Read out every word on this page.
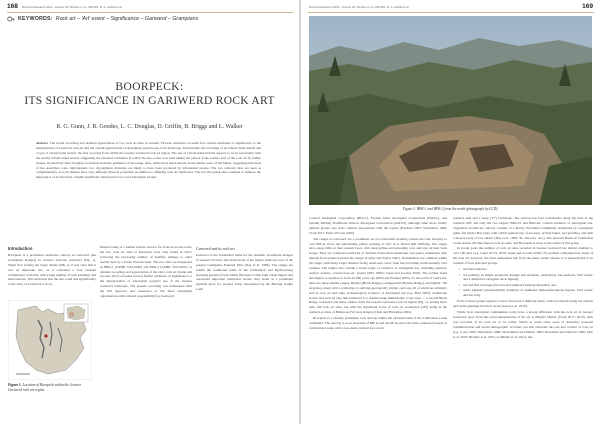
168 Rock Art Research 2022 - Volume 39, Number 2, pp. 168-181. R. G. GUNN et al.
KEYWORDS: Rock art – 'Art' event – Significance – Gariwerd – Grampians
BOORPECK:
ITS SIGNIFICANCE IN GARIWERD ROCK ART
R. G. Gunn, J. R. Goodes, L. C. Douglas, D. Griffin, B. Briggs and L. Walker
Abstract. The recent recording and detailed appreciation of two rock art sites in western Victoria, Australia, revealed five curious attributes of significance to the interpretation of Gariwerd rock art and the overall appreciation of Aboriginal people's use of its landscape. In particular, the recording of an infant's hand stencil and a type of variant hand stencil, the first recorded from within the Greater Gariwerd rock art region. The use of variant hand stencils appears to be in association with the nearby infant's hand stencil, suggesting the elevated catchment in which the site occurs was used during the period of the earliest part of the rock art by family groups, in relatively short foraging excursions from the perimeter of the range. Also, while most hand stencils in the shelter were of left hands, suggesting that most of the stencillers were right-handed, two dry-pigment drawings are likely to have been produced by left-handed people. The two adjacent sites are seen as complementary, as both shelters have very different physical properties in addition to differing rock art repertoires. The two Boorpeck sites continue to enhance the importance of Gariwerd as a highly significant cultural place for local Aboriginal people.
Introduction

Boorpeck is a prominent sandstone outcrop in Gariwerd (the Grampians Ranges) in western Victoria, Australia (Fig. 1). When first visiting the larger shelter (BK-1), it was clear that it was an important site, as it contained a very unusual combination of motifs, with a high number of both paintings and hand stencils. This indicated that the site could add significantly to the story of Gariwerd rock art.

Figure 1. Location of Boorpeck within the Greater Gariwerd rock art region.

Despite being at a named feature and not far from an access track, the two rock art sites at Boorpeck were only found in 2013, following the increasing number of bushfire damage to other nearby sites by a Parks Victoria team. The two sites are designated as BPK-1 (VAHR 7323-0290) and BPK-2 (VAHR 7323-0291). A detailed recording and appreciation of the site's rock art (Gunn and Goodes 2021) revealed several further attributes of significance to the interpretation of Aboriginal people's use of the Greater Gariwerd landscape. The present recording was undertaken with the full approval and assistance of the three Aboriginal organisations with cultural responsibility for Gariwerd.

Gariwerd and its rock art

Gariwerd is the Traditional name for the dramatic Grampians Ranges in western Victoria. The main block of the ranges forms the area of the present Grampians National Park (Day et al. 1984). The ranges are within the traditional lands of the Jardwadjali and Djabwurrung speaking peoples (Clark 1990). Because of their high visual impact and associated important traditional stories, they stand as a prominent spiritual place for peoples today represented by the Barengi Gadjin Land

Rock Art Research 2022 - Volume 39, Number 2, pp. 168-181. R. G. GUNN et al.	169
Figure 2. BPK-1 and BPK-2 from the north (photograph by LCD).

Council Aboriginal Corporation (BGLC), Eastern Maar Aboriginal Corporation (EMAC), and Gunditj Mirring Traditional Owners Aboriginal Corporation (GMTO), although other more widely defined groups also have cultural associations with the region (Presland 1983; Wettenhall 1999; Clark 2017; Parks Victoria 2020).

The ranges of Gariwerd are a prominent set of north-south trending cuestas that rise abruptly to over 800 m above the surrounding plains, peaking at 1167 m at Duwul (Mt William). The ranges have steep cliffs on their eastern faces, with deep gullies and spreading rock outcrops on their back slopes. They are composed primarily of Silurian-Ordovician sandstones and quartz sandstones with alluvial flood plains between the ranges (Cayley and Taylor 1997). Rockshelters are common within the range, with many larger shelters facing north-east, away from the prevailing south-westerly cold weather. The ranges also contain a broad range of evidence of Aboriginal use, including quarries, artefact scatters, scarred trees etc. (Gunn 1983, 1987a; Gunn and Goodes 2020). The earliest dated Aboriginal occupation is from 22 000 years ago (Bird and Frankel 2005). To the north of Gariwerd, there are three smaller ranges, Bunnyi (Black Range), Gringgarabil (Dundas Range), and Djurid / Mt Arapiles), along with a scattering of outlying geologically similar outcrops, all of which are similarly rich in rock art and other archaeological evidence of Aboriginal use (e.g. Bird 1983). Traditional stories and rock art also link Gariwerd to a granite range immediately to the west — a second Black Range. Gariwerd and these outliers form the Greater Gariwerd rock art region (Fig. 1), having more than 140 rock art sites, but with the significant focus of rock art production (all?) being in the northern portion of Bullarook (Victoria Range) (Clark and Harradine 2002).

Boorpeck is a visually prominent rock outcrop within the elevated basin of the Cultivation Creek catchment. The outcrop is at an elevation of 680 m and sits 90 m above the inter-connected waters of Cultivation Creek, with a two-metre vertical face on its

northern side and a steep (37°) backslope. The outcrop has four rockshelters along the base of the northern cliff, but only the two largest, BPK-01 and BPK-02, contain evidence of Aboriginal use. Vegetation around the outcrop consists of a Rocky Woodland community dominated by Grampians gums and Oyster Bay pines with a thick understorey of tea-trees, prickly hakea, and grevillea, and with a diverse array of low shrubs (Day et al. 1984: 42, and pers. obs.). The elevated Basin of Cultivation Creek houses 28 other known rock art sites, and Boorpeck is close to the centre of this group.

In recent years the number of rock art sites recorded in Greater Gariwerd has almost doubled to over 160 sites (e.g. Gunn 2017a, 2019; Gunn and Goodes 2020). No updated comprehensive study of the rock art, however, has been undertaken but, from the many earlier studies, it is apparent that it art consists of four principal groups:

• red hand stencils;
• red painting in simple geometric designs and elements, particularly tree-surfaces, 'bird tracks' and a distinctive elongated stick-figures);
• red and first drawings (bar sets and animated anthropomorphic); and
• white pigment (predominantly paintings of animated anthropomorphous figures, 'bird tracks' and bar sets).

Each of these groups appears to have flowered at different times, with red stencils being the earliest and white paintings the most recent (Gunn et al. 2019).

While local Aboriginal communities today have a strong affiliation with the rock art of Greater Gariwerd, apart from the racial interpretation of the art at Bunjil's Shelter (Clark 2017; 2019), little was recorded of its rock art or its artists. While in some other areas of Australia, personal communication and recent ethnographic accounts can still elaborate the role and context of rock art (e.g. Lowe 1980; Mountford 1968; Mowaljarlai and Malnic 1993; Rosenfeld and Sullivan 1989; May et al. 2019; Bradley et al. 2021; Goldhahn et al. 2021), due
